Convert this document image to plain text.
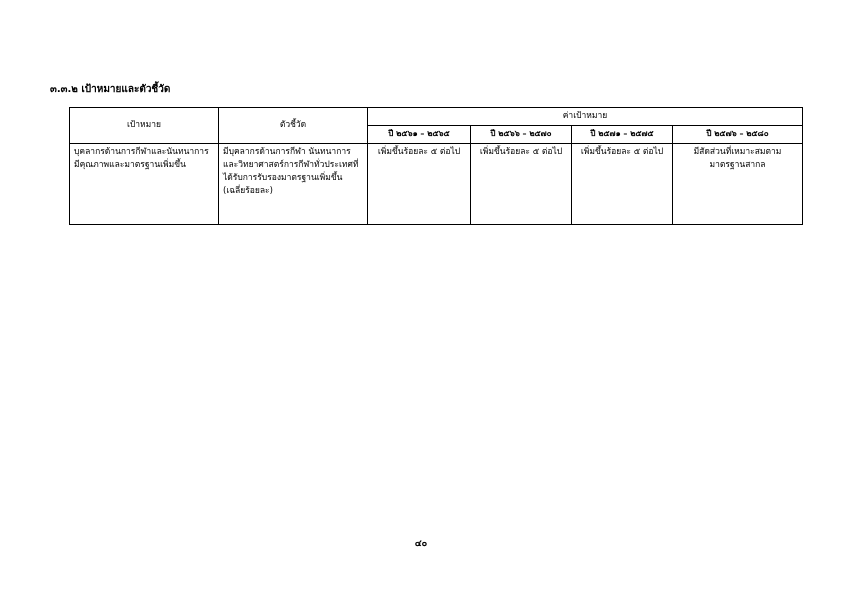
๓.๓.๒ เป้าหมายและตัวชี้วัด
เป้าหมาย	ตัวชี้วัด	ค่าเป้าหมาย			
		ปี ๒๕๖๑ – ๒๕๖๕	ปี ๒๕๖๖ – ๒๕๗๐	ปี ๒๕๗๑ – ๒๕๗๕	ปี ๒๕๗๖ – ๒๕๘๐
บุคลากรด้านการกีฬาและนันทนาการมีคุณภาพและมาตรฐานเพิ่มขึ้น	มีบุคลากรด้านการกีฬา นันทนาการ และวิทยาศาสตร์การกีฬาทั่วประเทศที่ได้รับการรับรองมาตรฐานเพิ่มขึ้น (เฉลี่ยร้อยละ)	เพิ่มขึ้นร้อยละ ๕ ต่อไป	เพิ่มขึ้นร้อยละ ๕ ต่อไป	เพิ่มขึ้นร้อยละ ๕ ต่อไป	มีสัดส่วนที่เหมาะสมตามมาตรฐานสากล
๔๐
